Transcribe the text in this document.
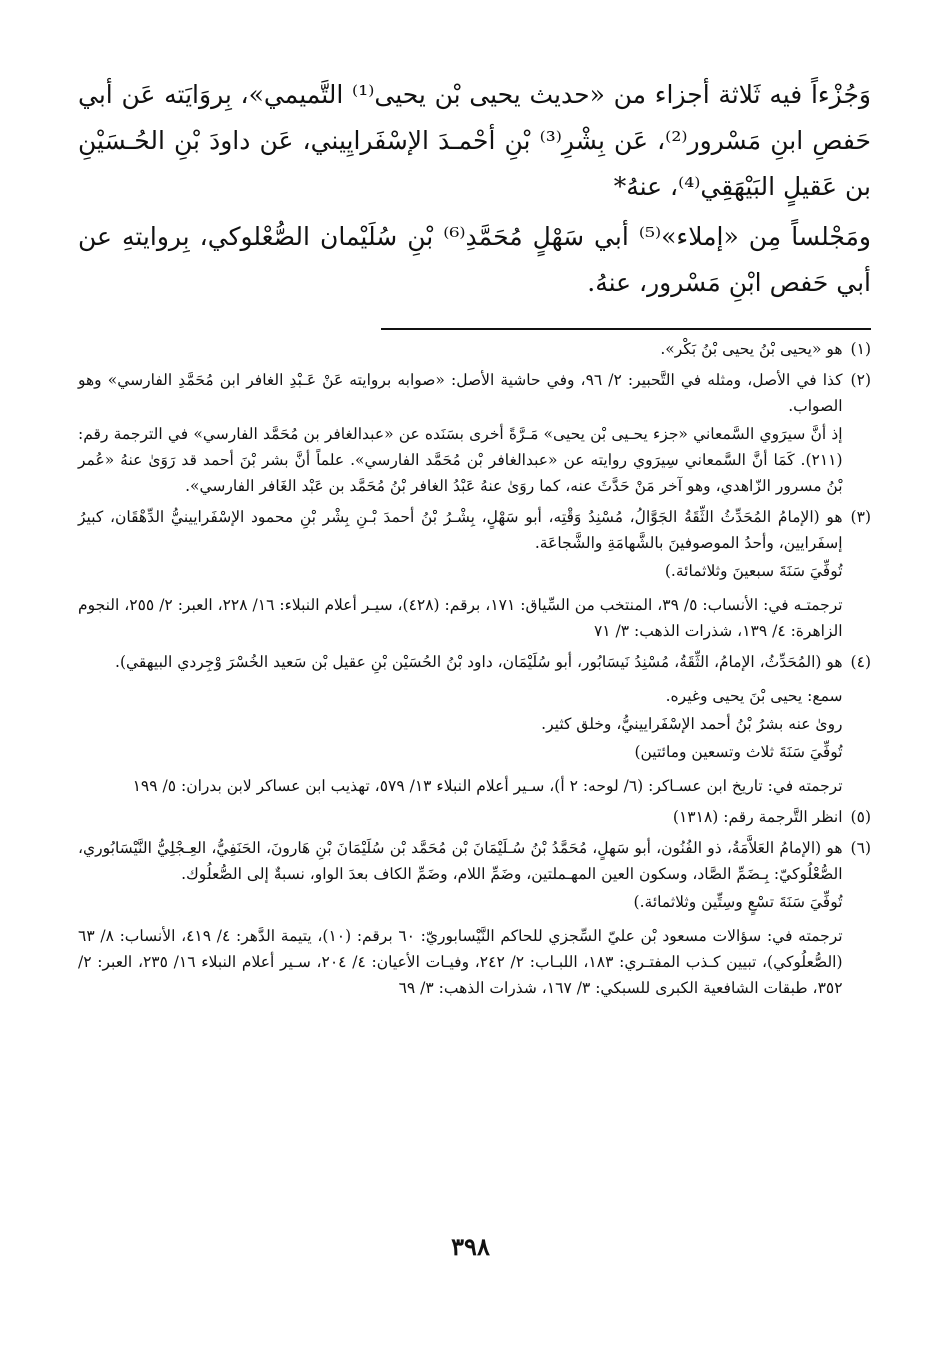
وَجُزْءاً فيه ثَلاثة أجزاء من «حديث يحيى بْن يحيى⁽¹⁾ التَّميمي»، بِروَايَته عَن أبي حَفصِ ابنِ مَسْرور⁽²⁾، عَن بِشْرِ⁽³⁾ بْنِ أحْمـدَ الإسْفَرايِيني، عَن داودَ بْنِ الحُـسَيْنِ بن عَقيلٍ البَيْهَقِي⁽⁴⁾، عنهُ*

ومَجْلساً مِن «إملاء»⁽⁵⁾ أبي سَهْلٍ مُحَمَّدِ⁽⁶⁾ بْنِ سُلَيْمان الصُّعْلوكي، بِروايتهِ عن أبي حَفص ابْنِ مَسْرور، عنهُ.

(١)

هو «يحيى بْنُ يحيى بْنُ بَكْر».

(٢)

كذا في الأصل، ومثله في التَّحبير: ٢/ ٩٦، وفي حاشية الأصل: «صوابه بروايته عَنْ عَـبْدِ الغافر ابن مُحَمَّدِ الفارسي» وهو الصواب.

إذ أنَّ سيرَوي السَّمعاني «جزء يحـيى بْن يحيى» مَـرَّةً أخرى بسَنَده عن «عبدالغافر بن مُحَمَّد الفارسي» في الترجمة رقم: (٢١١). كَمَا أنَّ السَّمعاني سِيرَوي روايته عن «عبدالغافر بْن مُحَمَّد الفارسي». علماً أنَّ بشر بْنَ أحمد قد رَوَىٰ عنهُ «عُمر بْنُ مسرور الزّاهدي، وهو آخر مَنْ حَدَّثَ عنه، كما روَىٰ عنهُ عَبْدُ الغافر بْنُ مُحَمَّد بن عَبْد الغَافر الفارسي».

(٣)

هو (الإمامُ المُحَدِّثُ الثِّقَةُ الجَوَّالُ، مُسْنِدُ وَقْتِه، أبو سَهْلٍ، بِشْـرُ بْنُ أحمدَ بْـنِ بِشْر بْنِ محمود الإسْفَرايينيُّ الدِّهْقَان، كبيرُ إسفَرايين، وأحدُ الموصوفينَ بالشَّهامَةِ والشَّجاعَة.

تُوفِّيَ سَنَةَ سبعينَ وثلاثمائة.)

ترجمتـه في: الأنساب: ٥/ ٣٩، المنتخب من السِّياق: ١٧١، برقم: (٤٢٨)، سيـر أعلام النبلاء: ١٦/ ٢٢٨، العبر: ٢/ ٢٥٥، النجوم الزاهرة: ٤/ ١٣٩، شذرات الذهب: ٣/ ٧١

(٤)

هو (المُحَدِّثُ، الإمامُ، الثِّقَةُ، مُسْنِدُ نَيسَابُور، أبو سُلَيْمَان، داود بْنُ الحُسَيْن بْنِ عقيل بْن سَعيد الخُسْرَ وْجِردي البيهقي).

سمع: يحيى بْنَ يحيى وغيره.

روىٰ عنه بشرُ بْنُ أحمد الإسْفَرايينيُّ، وخلق كثير.

تُوفِّيَ سَنَةَ ثلاث وتسعين ومائتين)

ترجمته في: تاريخ ابن عسـاكر: (٦/ لوحه: ٢ أ)، سـير أعلام النبلاء ١٣/ ٥٧٩، تهذيب ابن عساكر لابن بدران: ٥/ ١٩٩

(٥)

انظر التَّرجمة رقم: (١٣١٨)

(٦)

هو (الإمامُ العَلاَّمَةُ، ذو الفُنُون، أبو سَهلٍ، مُحَمَّدُ بْنُ سُـلَيْمَانَ بْن مُحَمَّد بْن سُلَيْمَانَ بْنِ هَارونَ، الحَنَفِيُّ، العِـجْلِيُّ النَّيْسَابُوري، الصُّعْلُوكيّ: بِـضَمِّ الصَّاد، وسكون العين المهـملتين، وضَمِّ اللام، وضَمِّ الكاف بعدَ الواو، نسبةٌ إلى الصُّعلُوك.

تُوفِّيَ سَنَةَ تسْعٍ وسِتِّين وثلاثمائة.)

ترجمته في: سؤالات مسعود بْن عليّ السِّجزي للحاكم النَّيْسابوريّ: ٦٠ برقم: (١٠)، يتيمة الدَّهر: ٤/ ٤١٩، الأنساب: ٨/ ٦٣ (الصُّعلُوكي)، تبيين كـذب المفتـري: ١٨٣، اللبـاب: ٢/ ٢٤٢، وفيـات الأعيان: ٤/ ٢٠٤، سـير أعلام النبلاء ١٦/ ٢٣٥، العبر: ٢/ ٣٥٢، طبقات الشافعية الكبرى للسبكي: ٣/ ١٦٧، شذرات الذهب: ٣/ ٦٩

٣٩٨
